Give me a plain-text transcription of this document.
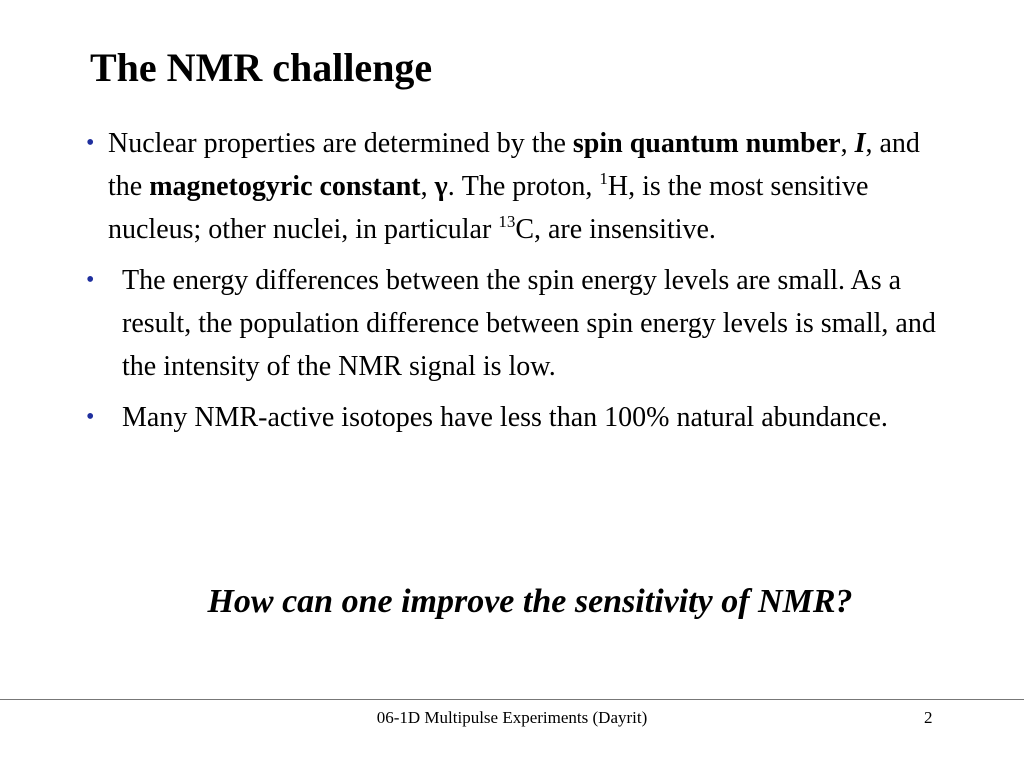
The NMR challenge
• Nuclear properties are determined by the spin quantum number, I, and the magnetogyric constant, γ. The proton, $^1$H, is the most sensitive nucleus; other nuclei, in particular $^{13}$C, are insensitive.
• The energy differences between the spin energy levels are small. As a result, the population difference between spin energy levels is small, and the intensity of the NMR signal is low.
• Many NMR-active isotopes have less than 100% natural abundance.
How can one improve the sensitivity of NMR?
06-1D Multipulse Experiments (Dayrit)	2
